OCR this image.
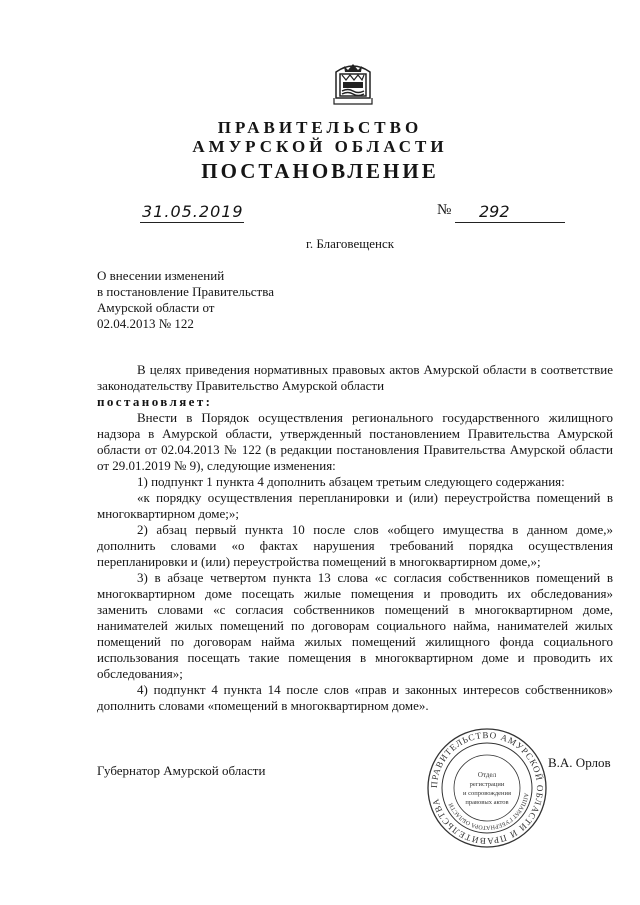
ПРАВИТЕЛЬСТВО
АМУРСКОЙ ОБЛАСТИ
ПОСТАНОВЛЕНИЕ
31.05.2019	№	292
г. Благовещенск
О внесении изменений
в постановление Правительства
Амурской области от
02.04.2013 № 122

В целях приведения нормативных правовых актов Амурской области в соответствие законодательству Правительство Амурской области

постановляет:

Внести в Порядок осуществления регионального государственного жилищного надзора в Амурской области, утвержденный постановлением Правительства Амурской области от 02.04.2013 № 122 (в редакции постановления Правительства Амурской области от 29.01.2019 № 9), следующие изменения:

1) подпункт 1 пункта 4 дополнить абзацем третьим следующего содержания:

«к порядку осуществления перепланировки и (или) переустройства помещений в многоквартирном доме;»;

2) абзац первый пункта 10 после слов «общего имущества в данном доме,» дополнить словами «о фактах нарушения требований порядка осуществления перепланировки и (или) переустройства помещений в многоквартирном доме,»;

3) в абзаце четвертом пункта 13 слова «с согласия собственников помещений в многоквартирном доме посещать жилые помещения и проводить их обследования» заменить словами «с согласия собственников помещений в многоквартирном доме, нанимателей жилых помещений по договорам социального найма, нанимателей жилых помещений по договорам найма жилых помещений жилищного фонда социального использования посещать такие помещения в многоквартирном доме и проводить их обследования»;

4) подпункт 4 пункта 14 после слов «прав и законных интересов собственников» дополнить словами «помещений в многоквартирном доме».

Губернатор Амурской области
В.А. Орлов
ПРАВИТЕЛЬСТВО АМУРСКОЙ ОБЛАСТИ И ПРАВИТЕЛЬСТВА
АППАРАТ ГУБЕРНАТОРА ОБЛАСТИ
Отдел
регистрации
и сопровождения
правовых актов
